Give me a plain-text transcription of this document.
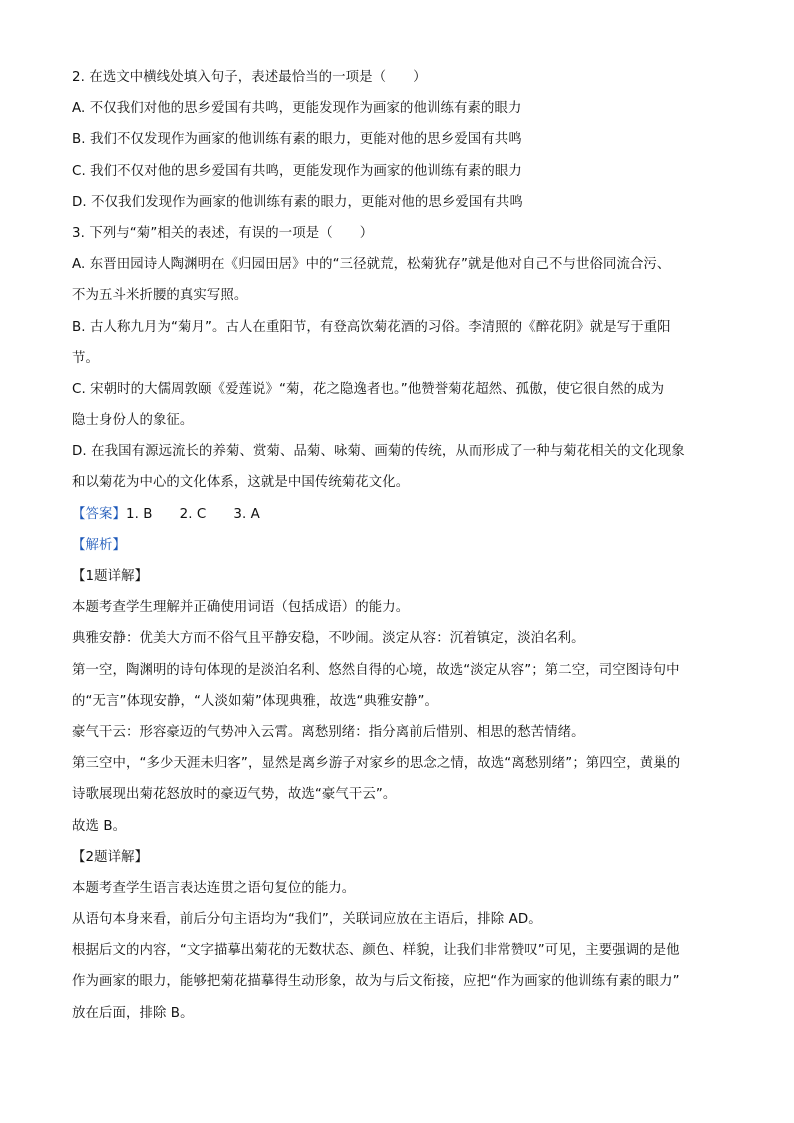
2. 在选文中横线处填入句子，表述最恰当的一项是（　　）
A. 不仅我们对他的思乡爱国有共鸣，更能发现作为画家的他训练有素的眼力
B. 我们不仅发现作为画家的他训练有素的眼力，更能对他的思乡爱国有共鸣
C. 我们不仅对他的思乡爱国有共鸣，更能发现作为画家的他训练有素的眼力
D. 不仅我们发现作为画家的他训练有素的眼力，更能对他的思乡爱国有共鸣
3. 下列与“菊”相关的表述，有误的一项是（　　）
A. 东晋田园诗人陶渊明在《归园田居》中的“三径就荒，松菊犹存”就是他对自己不与世俗同流合污、
不为五斗米折腰的真实写照。
B. 古人称九月为“菊月”。古人在重阳节，有登高饮菊花酒的习俗。李清照的《醉花阴》就是写于重阳
节。
C. 宋朝时的大儒周敦颐《爱莲说》“菊，花之隐逸者也。”他赞誉菊花超然、孤傲，使它很自然的成为
隐士身份人的象征。
D. 在我国有源远流长的养菊、赏菊、品菊、咏菊、画菊的传统，从而形成了一种与菊花相关的文化现象
和以菊花为中心的文化体系，这就是中国传统菊花文化。
【答案】1. B　　2. C　　3. A
【解析】
【1题详解】
本题考查学生理解并正确使用词语（包括成语）的能力。
典雅安静：优美大方而不俗气且平静安稳，不吵闹。淡定从容：沉着镇定，淡泊名利。
第一空，陶渊明的诗句体现的是淡泊名利、悠然自得的心境，故选“淡定从容”；第二空，司空图诗句中
的“无言”体现安静，“人淡如菊”体现典雅，故选“典雅安静”。
豪气干云：形容豪迈的气势冲入云霄。离愁别绪：指分离前后惜别、相思的愁苦情绪。
第三空中，“多少天涯未归客”，显然是离乡游子对家乡的思念之情，故选“离愁别绪”；第四空，黄巢的
诗歌展现出菊花怒放时的豪迈气势，故选“豪气干云”。
故选 B。
【2题详解】
本题考查学生语言表达连贯之语句复位的能力。
从语句本身来看，前后分句主语均为“我们”，关联词应放在主语后，排除 AD。
根据后文的内容，“文字描摹出菊花的无数状态、颜色、样貌，让我们非常赞叹”可见，主要强调的是他
作为画家的眼力，能够把菊花描摹得生动形象，故为与后文衔接，应把“作为画家的他训练有素的眼力”
放在后面，排除 B。
